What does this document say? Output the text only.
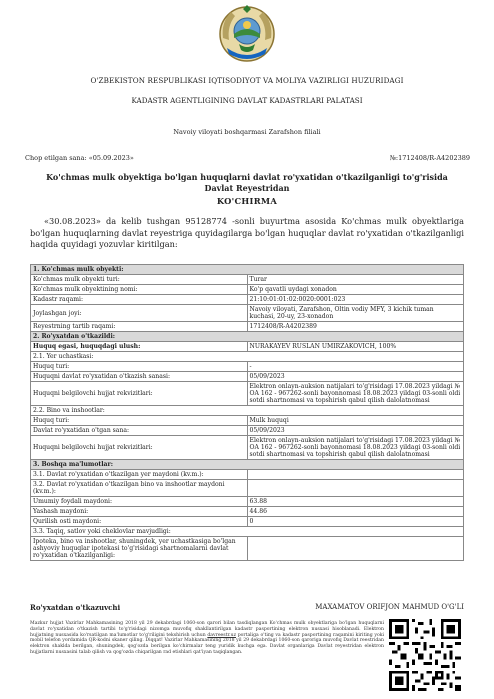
O'ZBEKISTON RESPUBLIKASI IQTISODIYOT VA MOLIYA VAZIRLIGI HUZURIDAGI
KADASTR AGENTLIGINING DAVLAT KADASTRLARI PALATASI
Navoiy viloyati boshqarmasi Zarafshon filiali
Chop etilgan sana: «05.09.2023»	№:1712408/R-A4202389
Ko'chmas mulk obyektiga bo'lgan huquqlarni davlat ro'yxatidan o'tkazilganligi to'g'risida Davlat Reyestridan
KO'CHIRMA
«30.08.2023» da kelib tushgan 95128774 -sonli buyurtma asosida Ko'chmas mulk obyektlariga bo'lgan huquqlarning davlat reyestriga quyidagilarga bo'lgan huquqlar davlat ro'yxatidan o'tkazilganligi haqida quyidagi yozuvlar kiritilgan:
1. Ko'chmas mulk obyekti:	
Ko'chmas mulk obyekti turi:	Turar
Ko'chmas mulk obyektining nomi:	Ko'p qavatli uydagi xonadon
Kadastr raqami:	21:10:01:01:02:0020:0001:023
Joylashgan joyi:	Navoiy viloyati, Zarafshon, Oltin vodiy MFY, 3 kichik tuman kuchasi, 20-uy, 23-xonadon
Reyestrning tartib raqami:	1712408/R-A4202389
2. Ro'yxatdan o'tkazildi:	
Huquq egasi, huquqdagi ulush:	NURAKAYEV RUSLAN UMIRZAKOVICH, 100%
2.1. Yer uchastkasi:	
Huquq turi:	-
Huquqni davlat ro'yxatidan o'tkazish sanasi:	05/09/2023
Huquqni belgilovchi hujjat rekvizitlari:	Elektron onlayn-auksion natijalari to'g'risidagi 17.08.2023 yildagi № OA 162 - 967262-sonli bayonnomasi 18.08.2023 yildagi 03-sonli oldi sotdi shartnomasi va topshirish qabul qilish dalolatnomasi
2.2. Bino va inshootlar:	
Huquq turi:	Mulk huquqi
Davlat ro'yxatidan o'tgan sana:	05/09/2023
Huquqni belgilovchi hujjat rekvizitlari:	Elektron onlayn-auksion natijalari to'g'risidagi 17.08.2023 yildagi № OA 162 - 967262-sonli bayonnomasi 18.08.2023 yildagi 03-sonli oldi sotdi shartnomasi va topshirish qabul qilish dalolatnomasi
3. Boshqa ma'lumotlar:	
3.1. Davlat ro'yxatidan o'tkazilgan yer maydoni (kv.m.):	
3.2. Davlat ro'yxatidan o'tkazilgan bino va inshootlar maydoni (kv.m.):	
Umumiy foydali maydoni:	63.88
Yashash maydoni:	44.86
Qurilish osti maydoni:	0
3.3. Taqiq, satlov yoki cheklovlar mavjudligi:	
Ipoteka, bino va inshootlar, shuningdek, yer uchastkasiga bo'lgan ashyoviy huquqlar ipotekasi to'g'risidagi shartnomalarni davlat ro'yxatidan o'tkazilganligi:	
Ro'yxatdan o'tkazuvchi	MAXAMATOV ORIFJON MAHMUD O'G'LI
Mazkur hujjat Vazirlar Mahkamasining 2018 yil 29 dekabrdagi 1060-son qarori bilan tasdiqlangan Ko'chmas mulk obyektlariga bo'lgan huquqlarni davlat ro'yxatidan o'tkazish tartibi to'g'risidagi nizomga muvofiq shakllantirilgan kadastr pasportining elektron nusxasi hisoblanadi. Elektron hujjatning nusxasida ko'rsatilgan ma'lumotlar to'g'riligini tekshirish uchun davreestr.uz portaliga o'ting va kadastr pasportining raqamini kiriting yoki mobil telefon yordamida QR-kodni skaner qiling. Diqqat! Vazirlar Mahkamasining 2018 yil 29 dekabrdagi 1060-son qaroriga muvofiq Davlat reestridan elektron shaklda berilgan, shuningdek, qog'ozda berilgan ko'chirmalar teng yuridik kuchga ega. Davlat organlariga Davlat reyestridan elektron hujjatlarni nusxasini talab qilish va qog'ozda chiqarilgan rad etishlari qat'iyan taqiqlangan.
